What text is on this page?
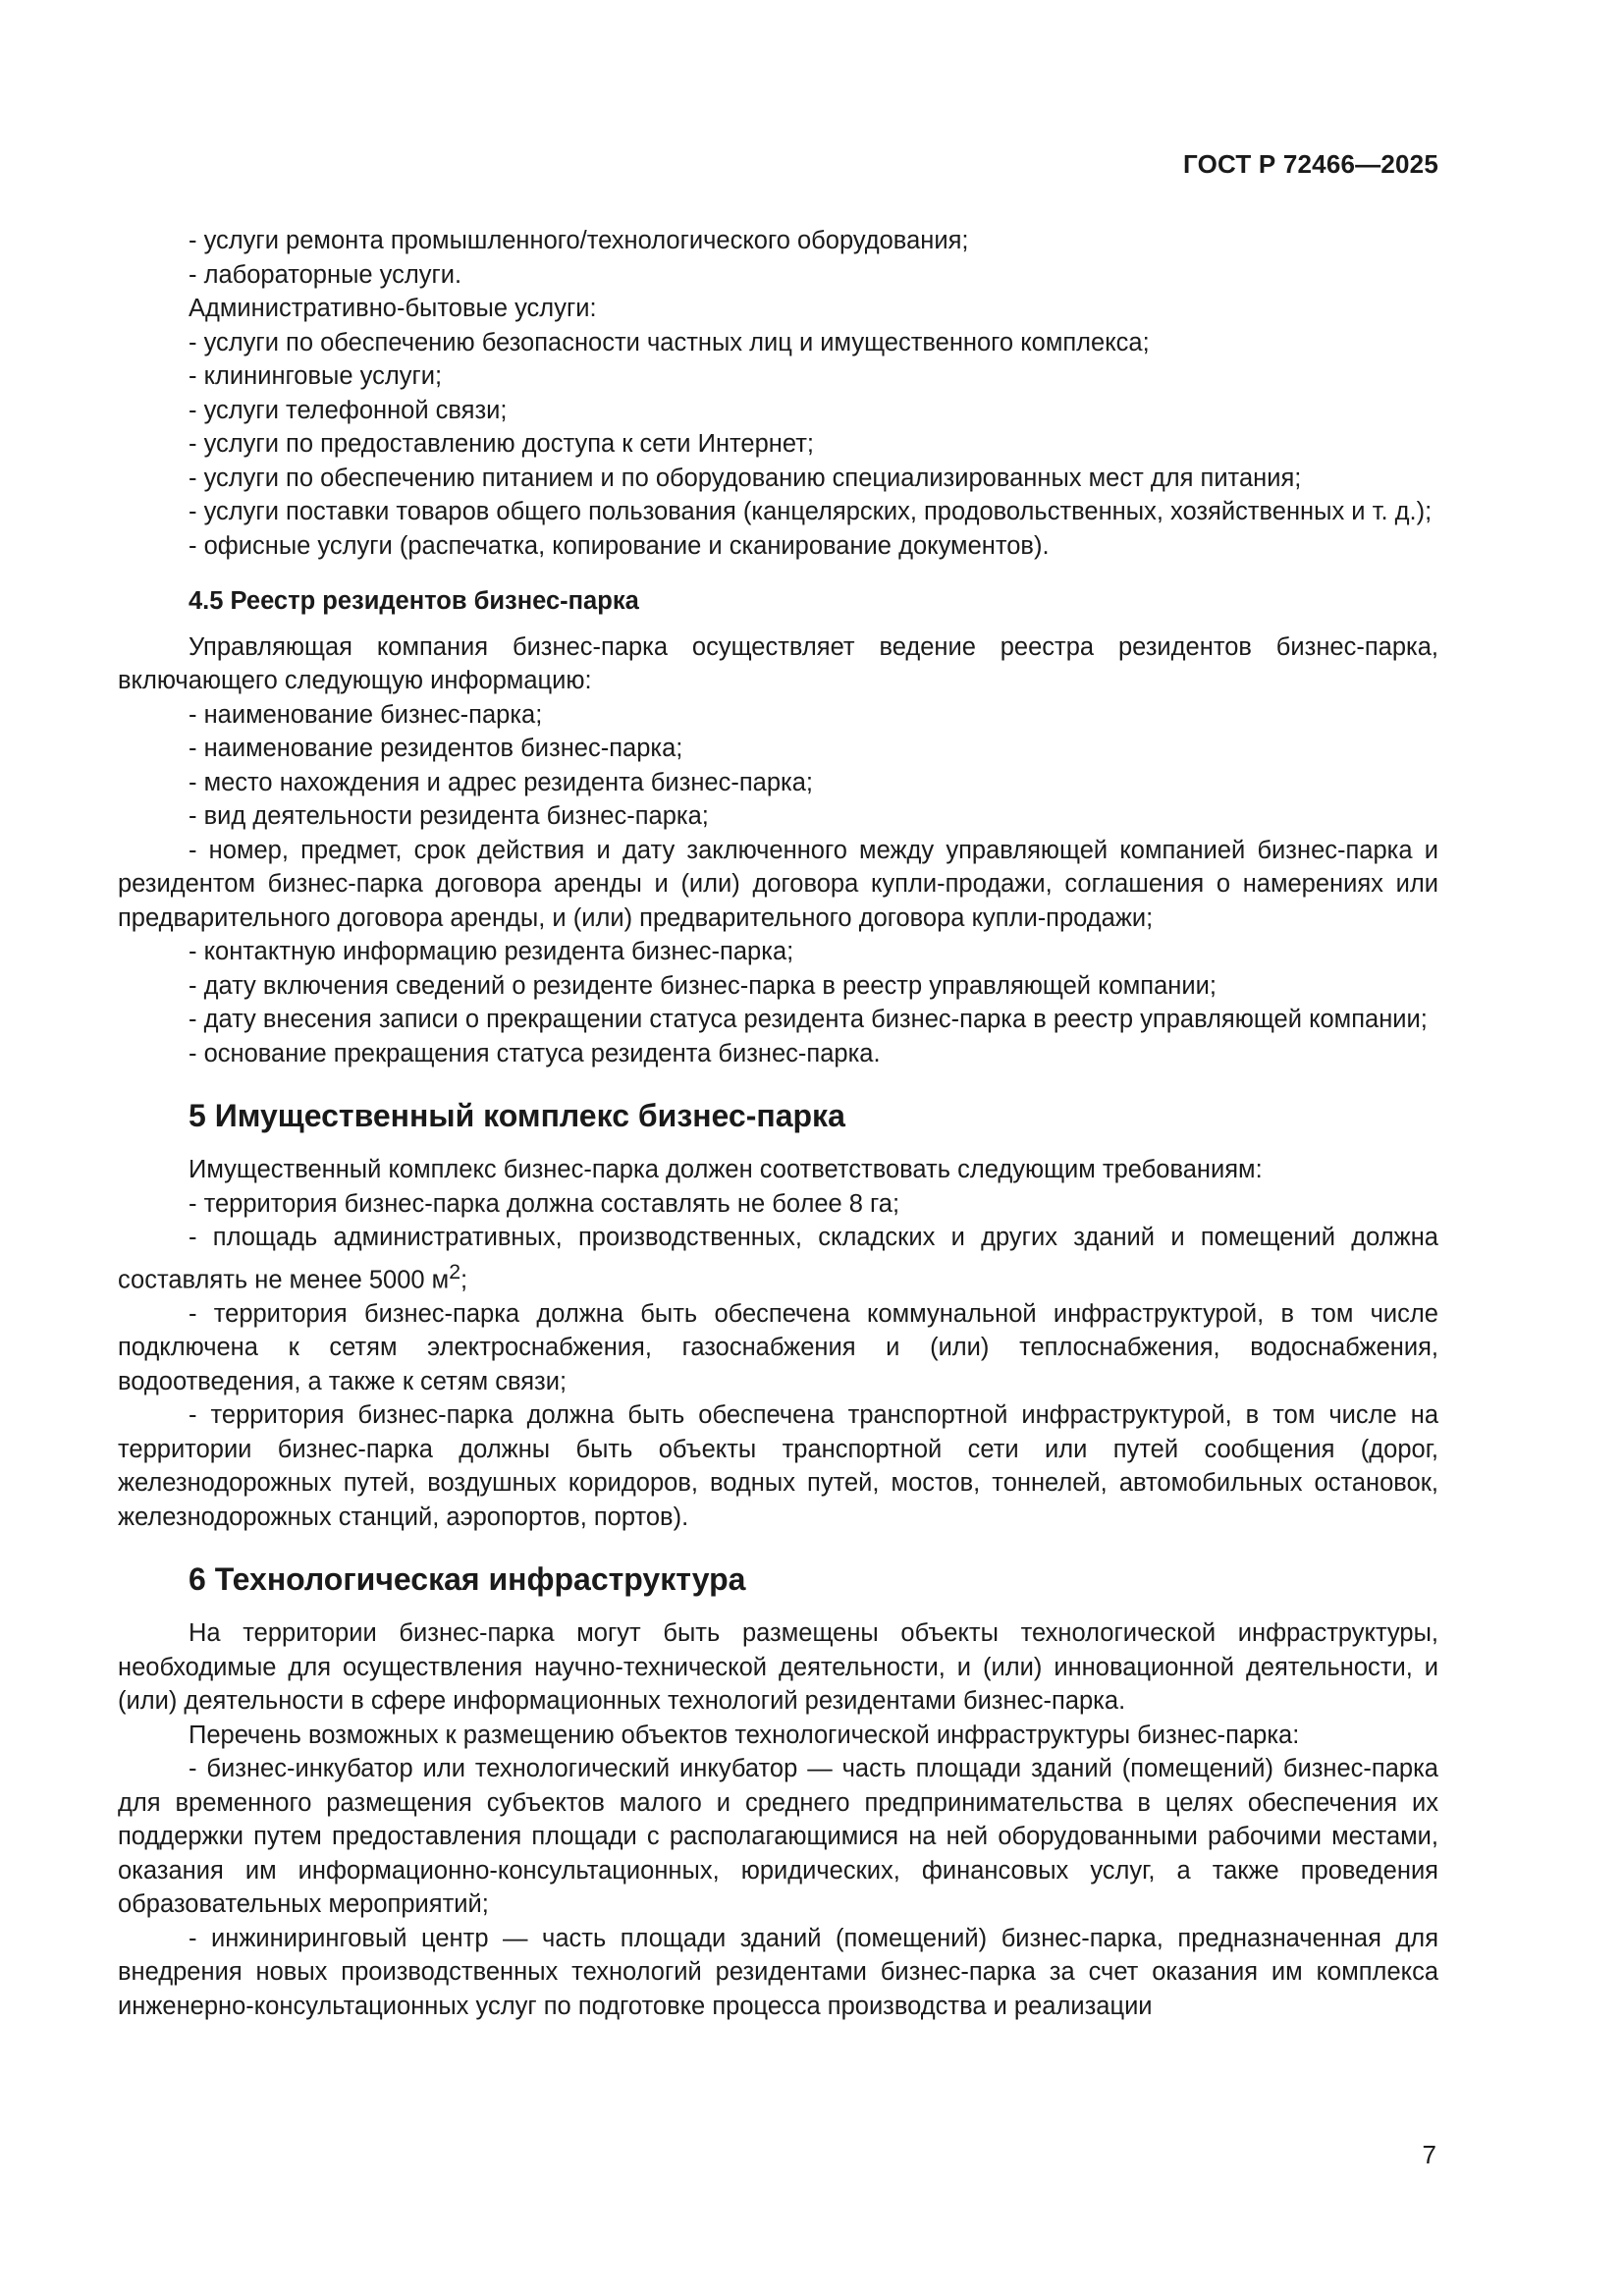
ГОСТ Р 72466—2025

- услуги ремонта промышленного/технологического оборудования;

- лабораторные услуги.

Административно-бытовые услуги:

- услуги по обеспечению безопасности частных лиц и имущественного комплекса;

- клининговые услуги;

- услуги телефонной связи;

- услуги по предоставлению доступа к сети Интернет;

- услуги по обеспечению питанием и по оборудованию специализированных мест для питания;

- услуги поставки товаров общего пользования (канцелярских, продовольственных, хозяйственных и т. д.);

- офисные услуги (распечатка, копирование и сканирование документов).

4.5 Реестр резидентов бизнес-парка

Управляющая компания бизнес-парка осуществляет ведение реестра резидентов бизнес-парка, включающего следующую информацию:

- наименование бизнес-парка;

- наименование резидентов бизнес-парка;

- место нахождения и адрес резидента бизнес-парка;

- вид деятельности резидента бизнес-парка;

- номер, предмет, срок действия и дату заключенного между управляющей компанией бизнес-парка и резидентом бизнес-парка договора аренды и (или) договора купли-продажи, соглашения о намерениях или предварительного договора аренды, и (или) предварительного договора купли-продажи;

- контактную информацию резидента бизнес-парка;

- дату включения сведений о резиденте бизнес-парка в реестр управляющей компании;

- дату внесения записи о прекращении статуса резидента бизнес-парка в реестр управляющей компании;

- основание прекращения статуса резидента бизнес-парка.

5 Имущественный комплекс бизнес-парка

Имущественный комплекс бизнес-парка должен соответствовать следующим требованиям:

- территория бизнес-парка должна составлять не более 8 га;

- площадь административных, производственных, складских и других зданий и помещений должна составлять не менее 5000 $м^2$;

- территория бизнес-парка должна быть обеспечена коммунальной инфраструктурой, в том числе подключена к сетям электроснабжения, газоснабжения и (или) теплоснабжения, водоснабжения, водоотведения, а также к сетям связи;

- территория бизнес-парка должна быть обеспечена транспортной инфраструктурой, в том числе на территории бизнес-парка должны быть объекты транспортной сети или путей сообщения (дорог, железнодорожных путей, воздушных коридоров, водных путей, мостов, тоннелей, автомобильных остановок, железнодорожных станций, аэропортов, портов).

6 Технологическая инфраструктура

На территории бизнес-парка могут быть размещены объекты технологической инфраструктуры, необходимые для осуществления научно-технической деятельности, и (или) инновационной деятельности, и (или) деятельности в сфере информационных технологий резидентами бизнес-парка.

Перечень возможных к размещению объектов технологической инфраструктуры бизнес-парка:

- бизнес-инкубатор или технологический инкубатор — часть площади зданий (помещений) бизнес-парка для временного размещения субъектов малого и среднего предпринимательства в целях обеспечения их поддержки путем предоставления площади с располагающимися на ней оборудованными рабочими местами, оказания им информационно-консультационных, юридических, финансовых услуг, а также проведения образовательных мероприятий;

- инжиниринговый центр — часть площади зданий (помещений) бизнес-парка, предназначенная для внедрения новых производственных технологий резидентами бизнес-парка за счет оказания им комплекса инженерно-консультационных услуг по подготовке процесса производства и реализации

7
